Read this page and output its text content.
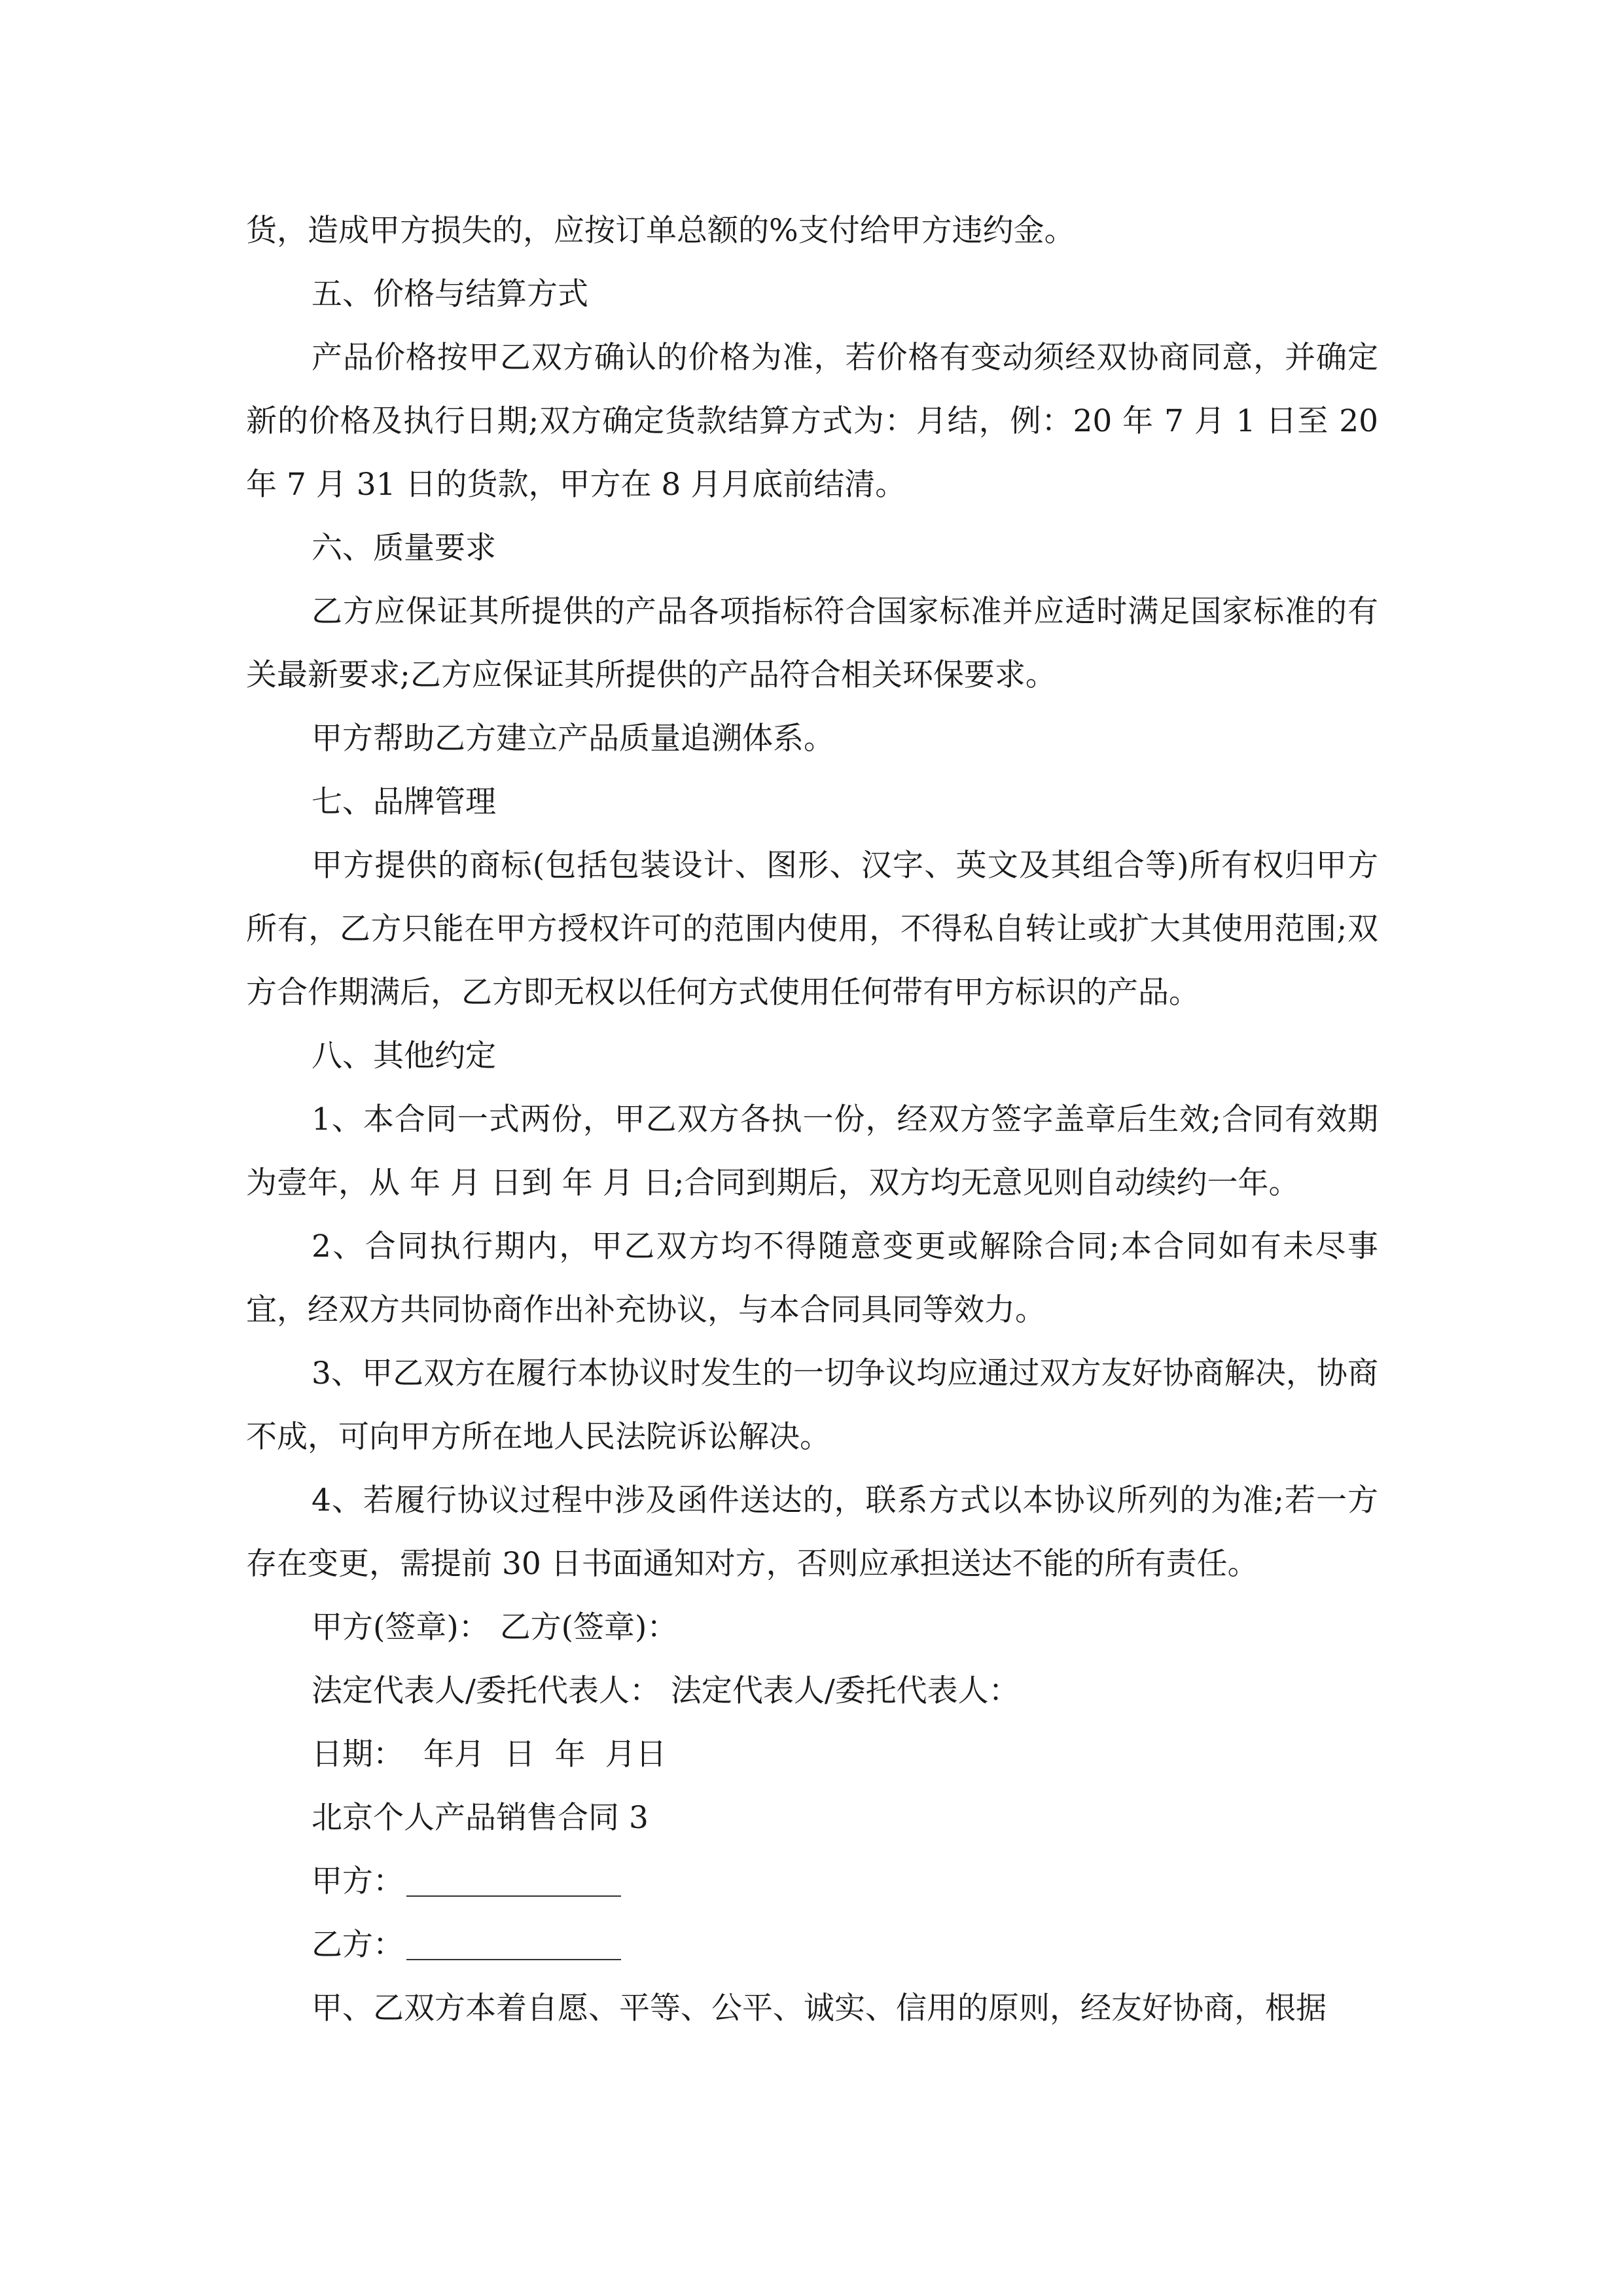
货，造成甲方损失的，应按订单总额的%支付给甲方违约金。

五、价格与结算方式

产品价格按甲乙双方确认的价格为准，若价格有变动须经双协商同意，并确定新的价格及执行日期;双方确定货款结算方式为：月结，例：20 年 7 月 1 日至 20 年 7 月 31 日的货款，甲方在 8 月月底前结清。

六、质量要求

乙方应保证其所提供的产品各项指标符合国家标准并应适时满足国家标准的有关最新要求;乙方应保证其所提供的产品符合相关环保要求。

甲方帮助乙方建立产品质量追溯体系。

七、品牌管理

甲方提供的商标(包括包装设计、图形、汉字、英文及其组合等)所有权归甲方所有，乙方只能在甲方授权许可的范围内使用，不得私自转让或扩大其使用范围;双方合作期满后，乙方即无权以任何方式使用任何带有甲方标识的产品。

八、其他约定

1、本合同一式两份，甲乙双方各执一份，经双方签字盖章后生效;合同有效期为壹年，从 年 月 日到 年 月 日;合同到期后，双方均无意见则自动续约一年。

2、合同执行期内，甲乙双方均不得随意变更或解除合同;本合同如有未尽事宜，经双方共同协商作出补充协议，与本合同具同等效力。

3、甲乙双方在履行本协议时发生的一切争议均应通过双方友好协商解决，协商不成，可向甲方所在地人民法院诉讼解决。

4、若履行协议过程中涉及函件送达的，联系方式以本协议所列的为准;若一方存在变更，需提前 30 日书面通知对方，否则应承担送达不能的所有责任。

甲方(签章)： 乙方(签章)：

法定代表人/委托代表人： 法定代表人/委托代表人：

日期：  年月  日  年  月日

北京个人产品销售合同 3

甲方：

乙方：

甲、乙双方本着自愿、平等、公平、诚实、信用的原则，经友好协商，根据
